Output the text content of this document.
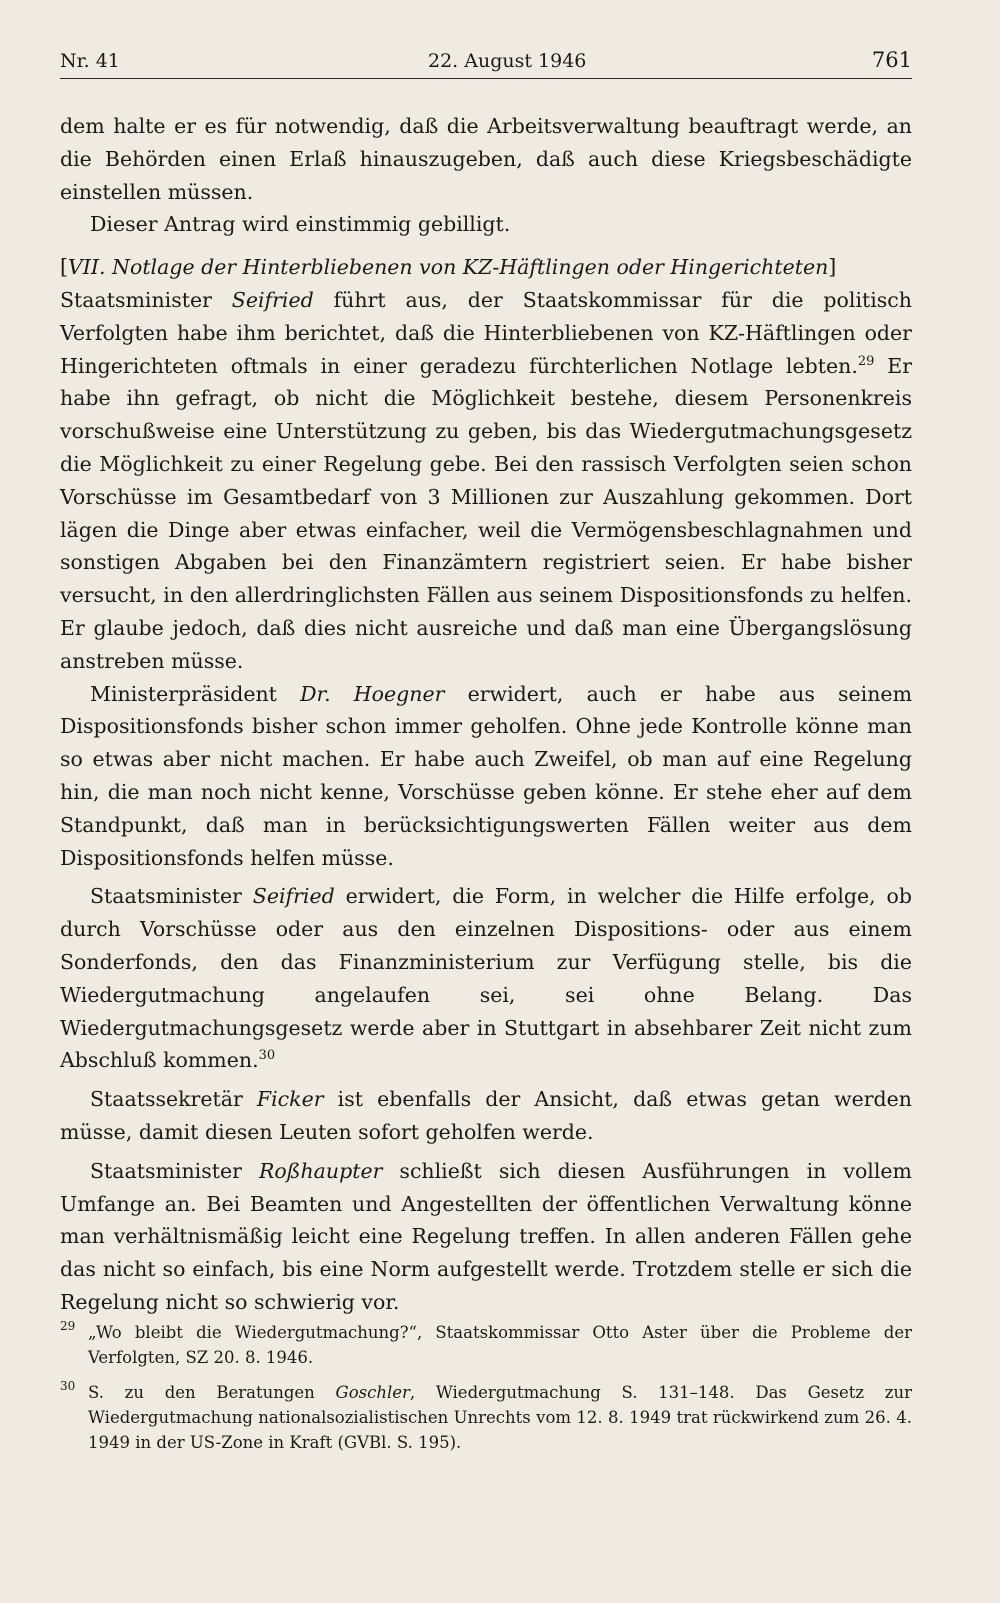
Nr. 41	22. August 1946	761

dem halte er es für notwendig, daß die Arbeitsverwaltung beauftragt werde, an die Behörden einen Erlaß hinauszugeben, daß auch diese Kriegsbeschädigte einstellen müssen.

Dieser Antrag wird einstimmig gebilligt.

[VII. Notlage der Hinterbliebenen von KZ-Häftlingen oder Hingerichteten]

Staatsminister Seifried führt aus, der Staatskommissar für die politisch Verfolgten habe ihm berichtet, daß die Hinterbliebenen von KZ-Häftlingen oder Hingerichteten oftmals in einer geradezu fürchterlichen Notlage lebten.$^{29}$ Er habe ihn gefragt, ob nicht die Möglichkeit bestehe, diesem Personenkreis vorschußweise eine Unterstützung zu geben, bis das Wiedergutmachungsgesetz die Möglichkeit zu einer Regelung gebe. Bei den rassisch Verfolgten seien schon Vorschüsse im Gesamtbedarf von 3 Millionen zur Auszahlung gekommen. Dort lägen die Dinge aber etwas einfacher, weil die Vermögensbeschlagnahmen und sonstigen Abgaben bei den Finanzämtern registriert seien. Er habe bisher versucht, in den allerdringlichsten Fällen aus seinem Dispositionsfonds zu helfen. Er glaube jedoch, daß dies nicht ausreiche und daß man eine Übergangslösung anstreben müsse.

Ministerpräsident Dr. Hoegner erwidert, auch er habe aus seinem Dispositionsfonds bisher schon immer geholfen. Ohne jede Kontrolle könne man so etwas aber nicht machen. Er habe auch Zweifel, ob man auf eine Regelung hin, die man noch nicht kenne, Vorschüsse geben könne. Er stehe eher auf dem Standpunkt, daß man in berücksichtigungswerten Fällen weiter aus dem Dispositionsfonds helfen müsse.

Staatsminister Seifried erwidert, die Form, in welcher die Hilfe erfolge, ob durch Vorschüsse oder aus den einzelnen Dispositions- oder aus einem Sonderfonds, den das Finanzministerium zur Verfügung stelle, bis die Wiedergutmachung angelaufen sei, sei ohne Belang. Das Wiedergutmachungsgesetz werde aber in Stuttgart in absehbarer Zeit nicht zum Abschluß kommen.$^{30}$

Staatssekretär Ficker ist ebenfalls der Ansicht, daß etwas getan werden müsse, damit diesen Leuten sofort geholfen werde.

Staatsminister Roßhaupter schließt sich diesen Ausführungen in vollem Umfange an. Bei Beamten und Angestellten der öffentlichen Verwaltung könne man verhältnismäßig leicht eine Regelung treffen. In allen anderen Fällen gehe das nicht so einfach, bis eine Norm aufgestellt werde. Trotzdem stelle er sich die Regelung nicht so schwierig vor.

29 „Wo bleibt die Wiedergutmachung?“, Staatskommissar Otto Aster über die Probleme der Verfolgten, SZ 20. 8. 1946.
30 S. zu den Beratungen Goschler, Wiedergutmachung S. 131–148. Das Gesetz zur Wiedergutmachung nationalsozialistischen Unrechts vom 12. 8. 1949 trat rückwirkend zum 26. 4. 1949 in der US-Zone in Kraft (GVBl. S. 195).
